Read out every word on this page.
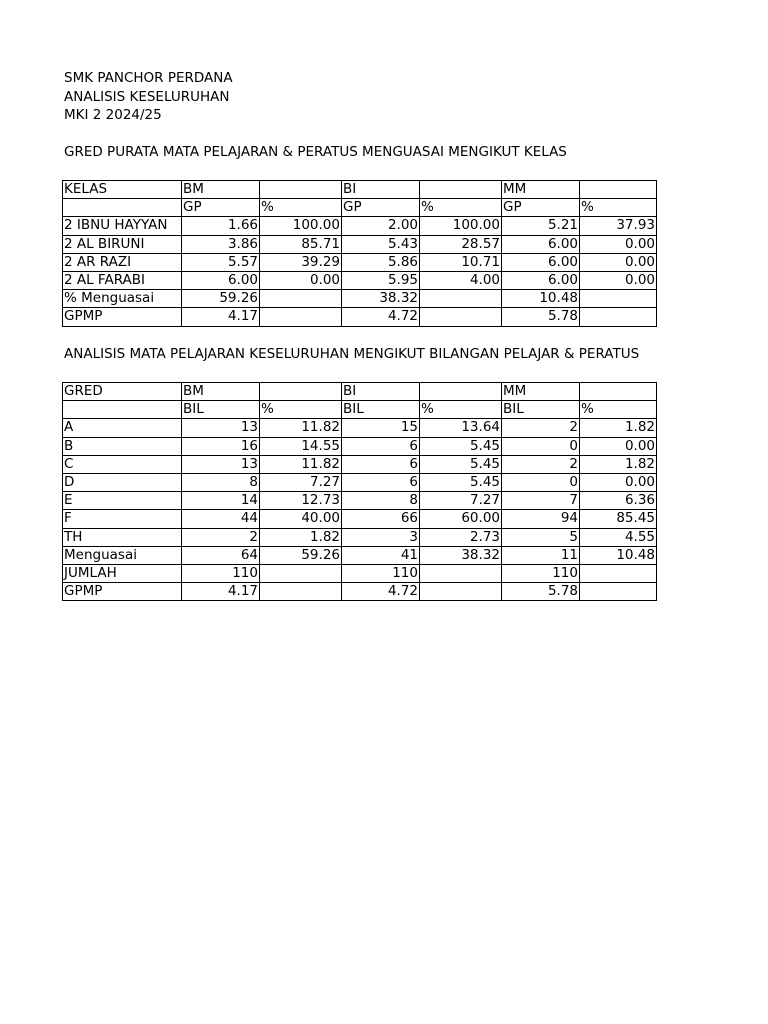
SMK PANCHOR PERDANA
ANALISIS KESELURUHAN
MKI 2 2024/25
GRED PURATA MATA PELAJARAN & PERATUS MENGUASAI MENGIKUT KELAS
KELAS	BM		BI		MM	
	GP	%	GP	%	GP	%
2 IBNU HAYYAN	1.66	100.00	2.00	100.00	5.21	37.93
2 AL BIRUNI	3.86	85.71	5.43	28.57	6.00	0.00
2 AR RAZI	5.57	39.29	5.86	10.71	6.00	0.00
2 AL FARABI	6.00	0.00	5.95	4.00	6.00	0.00
% Menguasai	59.26		38.32		10.48	
GPMP	4.17		4.72		5.78	
ANALISIS MATA PELAJARAN KESELURUHAN MENGIKUT BILANGAN PELAJAR & PERATUS
GRED	BM		BI		MM	
	BIL	%	BIL	%	BIL	%
A	13	11.82	15	13.64	2	1.82
B	16	14.55	6	5.45	0	0.00
C	13	11.82	6	5.45	2	1.82
D	8	7.27	6	5.45	0	0.00
E	14	12.73	8	7.27	7	6.36
F	44	40.00	66	60.00	94	85.45
TH	2	1.82	3	2.73	5	4.55
Menguasai	64	59.26	41	38.32	11	10.48
JUMLAH	110		110		110	
GPMP	4.17		4.72		5.78	
